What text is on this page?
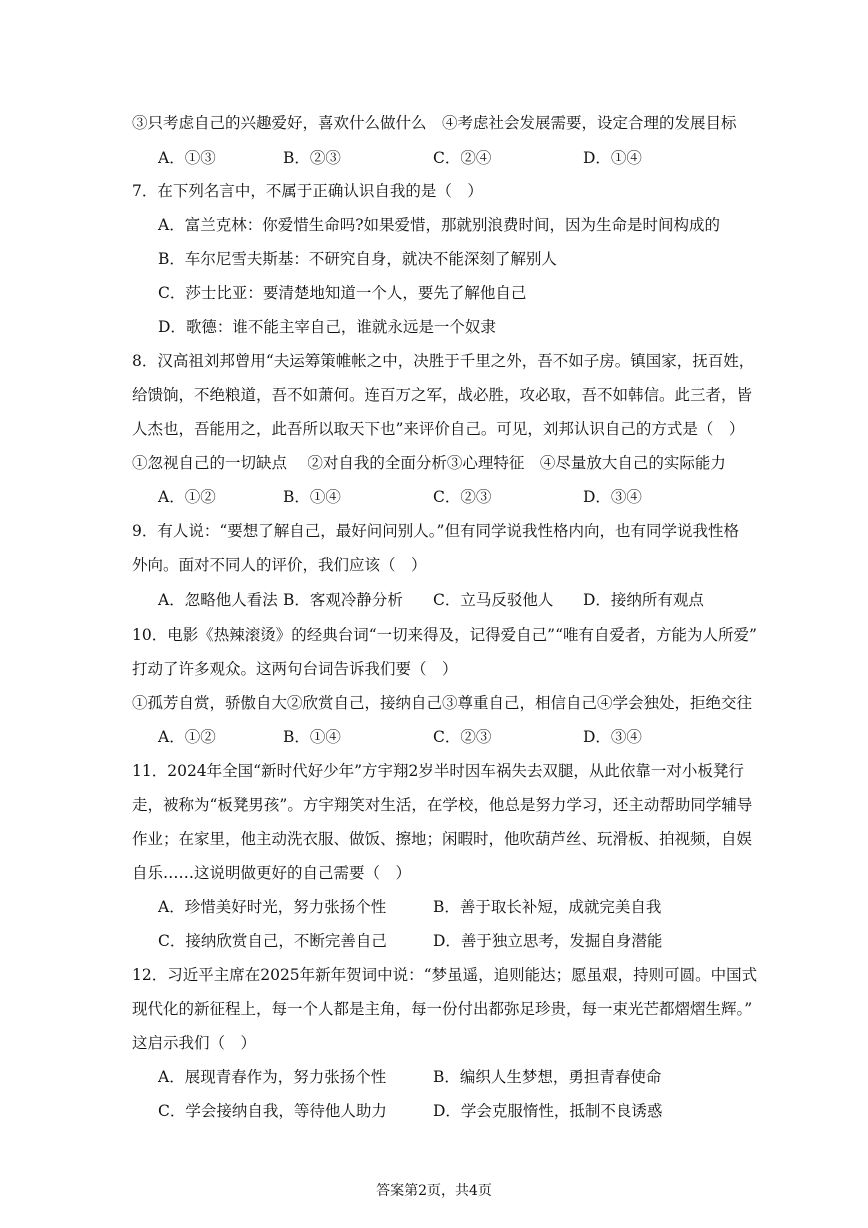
③只考虑自己的兴趣爱好，喜欢什么做什么　④考虑社会发展需要，设定合理的发展目标
A．①③	B．②③	C．②④	D．①④
7．在下列名言中，不属于正确认识自我的是（　）
A．富兰克林：你爱惜生命吗?如果爱惜，那就别浪费时间，因为生命是时间构成的
B．车尔尼雪夫斯基：不研究自身，就决不能深刻了解别人
C．莎士比亚：要清楚地知道一个人，要先了解他自己
D．歌德：谁不能主宰自己，谁就永远是一个奴隶
8．汉高祖刘邦曾用“夫运筹策帷帐之中，决胜于千里之外，吾不如子房。镇国家，抚百姓，
给馈饷，不绝粮道，吾不如萧何。连百万之军，战必胜，攻必取，吾不如韩信。此三者，皆
人杰也，吾能用之，此吾所以取天下也”来评价自己。可见，刘邦认识自己的方式是（　）
①忽视自己的一切缺点　 ②对自我的全面分析③心理特征　④尽量放大自己的实际能力
A．①②	B．①④	C．②③	D．③④
9．有人说：“要想了解自己，最好问问别人。”但有同学说我性格内向，也有同学说我性格
外向。面对不同人的评价，我们应该（　）
A．忽略他人看法 B．客观冷静分析 C．立马反驳他人 D．接纳所有观点
10．电影《热辣滚烫》的经典台词“一切来得及，记得爱自己”“唯有自爱者，方能为人所爱”
打动了许多观众。这两句台词告诉我们要（　）
①孤芳自赏，骄傲自大②欣赏自己，接纳自己③尊重自己，相信自己④学会独处，拒绝交往
A．①②	B．①④	C．②③	D．③④
11．2024年全国“新时代好少年”方宇翔2岁半时因车祸失去双腿，从此依靠一对小板凳行
走，被称为“板凳男孩”。方宇翔笑对生活，在学校，他总是努力学习，还主动帮助同学辅导
作业；在家里，他主动洗衣服、做饭、擦地；闲暇时，他吹葫芦丝、玩滑板、拍视频，自娱
自乐……这说明做更好的自己需要（　）
A．珍惜美好时光，努力张扬个性	B．善于取长补短，成就完美自我
C．接纳欣赏自己，不断完善自己	D．善于独立思考，发掘自身潜能
12．习近平主席在2025年新年贺词中说：“梦虽遥，追则能达；愿虽艰，持则可圆。中国式
现代化的新征程上，每一个人都是主角，每一份付出都弥足珍贵，每一束光芒都熠熠生辉。”
这启示我们（　）
A．展现青春作为，努力张扬个性	B．编织人生梦想，勇担青春使命
C．学会接纳自我，等待他人助力	D．学会克服惰性，抵制不良诱惑
答案第2页，共4页
